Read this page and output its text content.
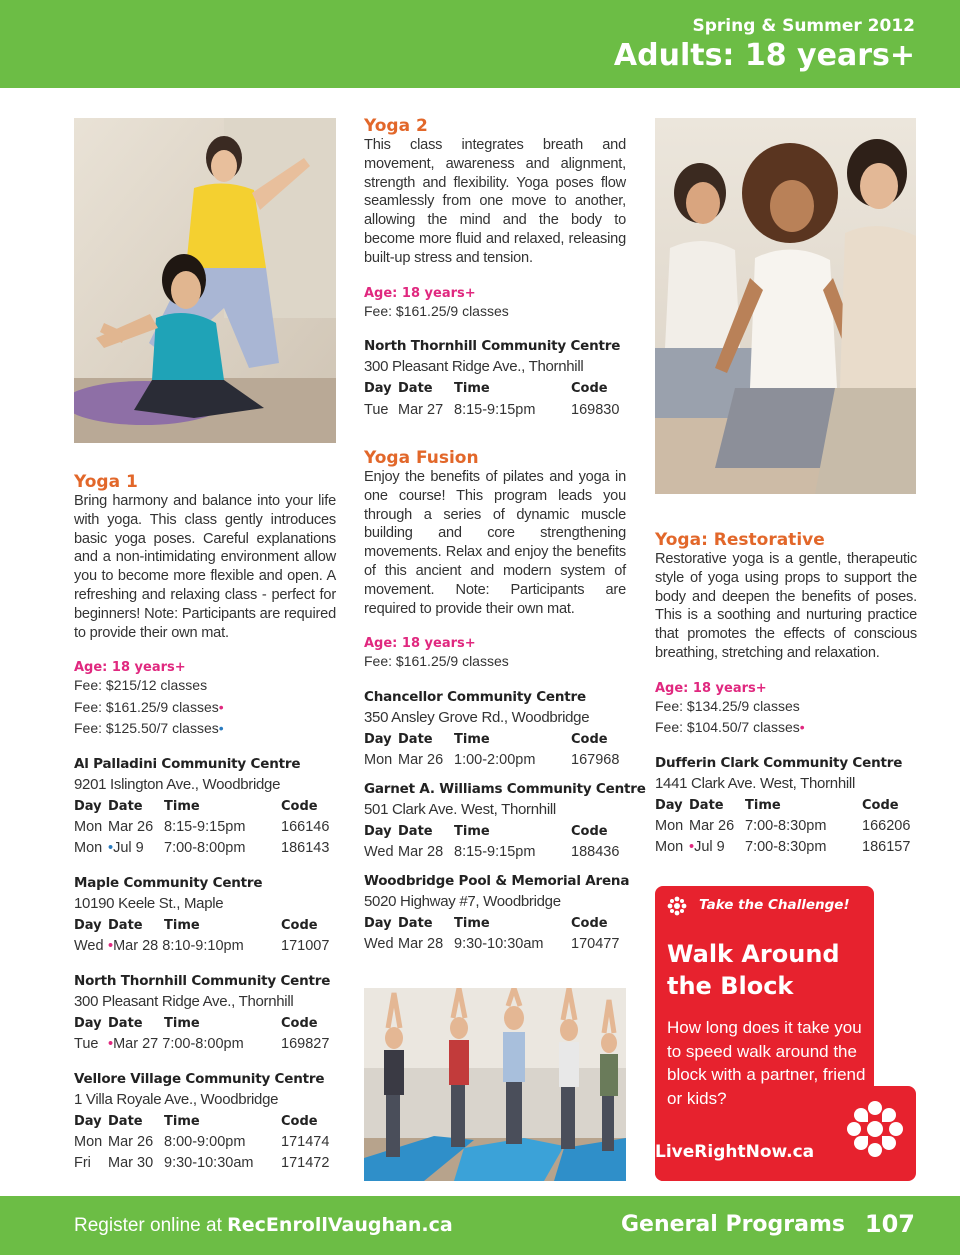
Spring & Summer 2012
Adults: 18 years+
Yoga 1

Bring harmony and balance into your life with yoga. This class gently introduces basic yoga poses. Careful explanations and a non-intimidating environment allow you to become more flexible and open. A refreshing and relaxing class - perfect for beginners! Note: Participants are required to provide their own mat.

Age: 18 years+
Fee: $215/12 classes
Fee: $161.25/9 classes•
Fee: $125.50/7 classes•
Al Palladini Community Centre
9201 Islington Ave., Woodbridge
Day	Date	Time	Code
Mon	Mar 26	8:15-9:15pm	166146
Mon	•Jul 9	7:00-8:00pm	186143
Maple Community Centre
10190 Keele St., Maple
Day	Date	Time	Code
Wed	•Mar 28 8:10-9:10pm		171007
North Thornhill Community Centre
300 Pleasant Ridge Ave., Thornhill
Day	Date	Time	Code
Tue	•Mar 27 7:00-8:00pm		169827
Vellore Village Community Centre
1 Villa Royale Ave., Woodbridge
Day	Date	Time	Code
Mon	Mar 26	8:00-9:00pm	171474
Fri	Mar 30	9:30-10:30am	171472
Yoga 2

This class integrates breath and movement, awareness and alignment, strength and flexibility. Yoga poses flow seamlessly from one move to another, allowing the mind and the body to become more fluid and relaxed, releasing built-up stress and tension.

Age: 18 years+
Fee: $161.25/9 classes
North Thornhill Community Centre
300 Pleasant Ridge Ave., Thornhill
Day	Date	Time	Code
Tue	Mar 27	8:15-9:15pm	169830
Yoga Fusion

Enjoy the benefits of pilates and yoga in one course! This program leads you through a series of dynamic muscle building and core strengthening movements. Relax and enjoy the benefits of this ancient and modern system of movement. Note: Participants are required to provide their own mat.

Age: 18 years+
Fee: $161.25/9 classes
Chancellor Community Centre
350 Ansley Grove Rd., Woodbridge
Day	Date	Time	Code
Mon	Mar 26	1:00-2:00pm	167968
Garnet A. Williams Community Centre
501 Clark Ave. West, Thornhill
Day	Date	Time	Code
Wed	Mar 28	8:15-9:15pm	188436
Woodbridge Pool & Memorial Arena
5020 Highway #7, Woodbridge
Day	Date	Time	Code
Wed	Mar 28	9:30-10:30am	170477
Yoga: Restorative

Restorative yoga is a gentle, therapeutic style of yoga using props to support the body and deepen the benefits of poses. This is a soothing and nurturing practice that promotes the effects of conscious breathing, stretching and relaxation.

Age: 18 years+
Fee: $134.25/9 classes
Fee: $104.50/7 classes•
Dufferin Clark Community Centre
1441 Clark Ave. West, Thornhill
Day	Date	Time	Code
Mon	Mar 26	7:00-8:30pm	166206
Mon	•Jul 9	7:00-8:30pm	186157
Take the Challenge!
Walk Around
the Block
How long does it take you to speed walk around the block with a partner, friend or kids?
LiveRightNow.ca
Register online at RecEnrollVaughan.ca	General Programs 107
